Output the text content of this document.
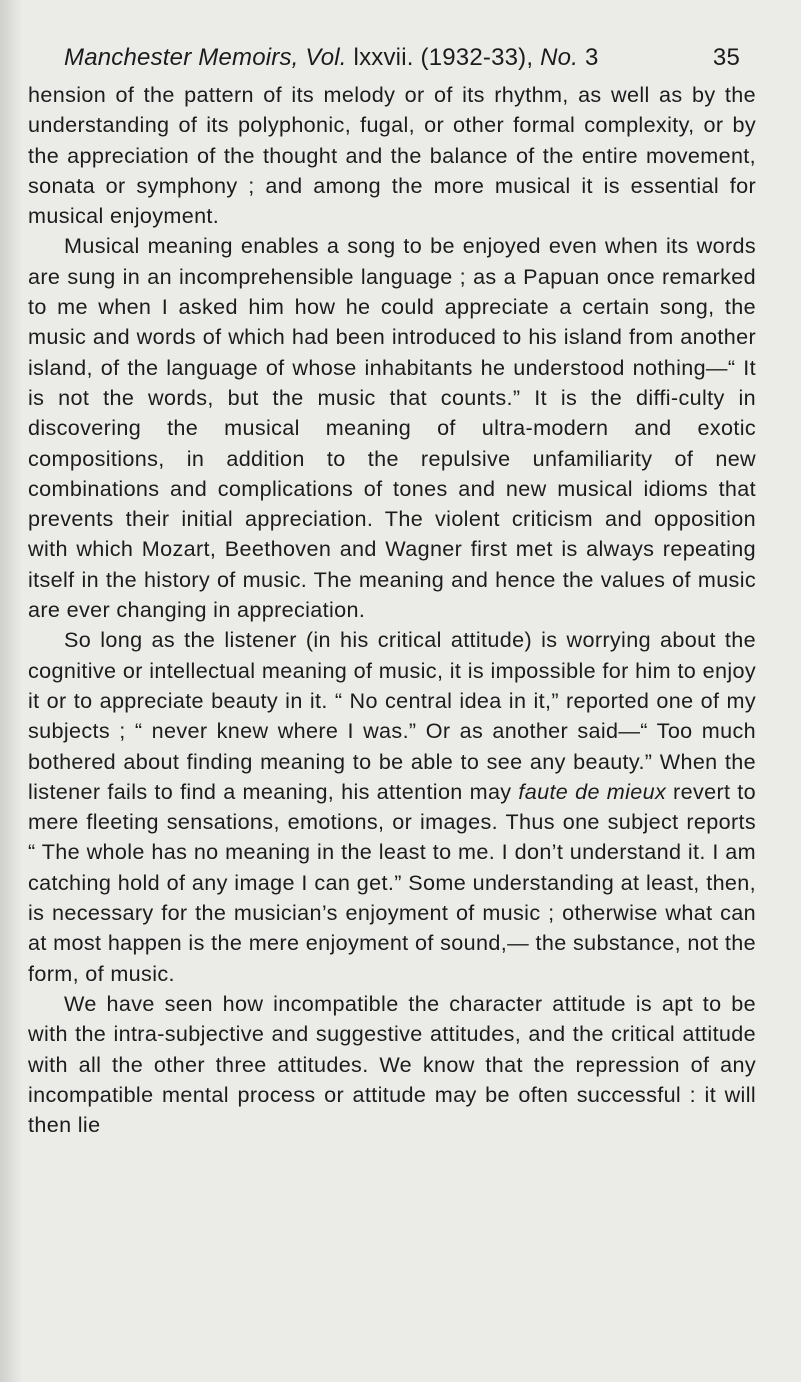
Manchester Memoirs, Vol. lxxvii. (1932-33), No. 3	35

hension of the pattern of its melody or of its rhythm, as well as by the understanding of its polyphonic, fugal, or other formal complexity, or by the appreciation of the thought and the balance of the entire movement, sonata or symphony ; and among the more musical it is essential for musical enjoyment.

Musical meaning enables a song to be enjoyed even when its words are sung in an incomprehensible language ; as a Papuan once remarked to me when I asked him how he could appreciate a certain song, the music and words of which had been introduced to his island from another island, of the language of whose inhabitants he understood nothing—“ It is not the words, but the music that counts.” It is the diffi-culty in discovering the musical meaning of ultra-modern and exotic compositions, in addition to the repulsive unfamiliarity of new combinations and complications of tones and new musical idioms that prevents their initial appreciation. The violent criticism and opposition with which Mozart, Beethoven and Wagner first met is always repeating itself in the history of music. The meaning and hence the values of music are ever changing in appreciation.

So long as the listener (in his critical attitude) is worrying about the cognitive or intellectual meaning of music, it is impossible for him to enjoy it or to appreciate beauty in it. “ No central idea in it,” reported one of my subjects ; “ never knew where I was.” Or as another said—“ Too much bothered about finding meaning to be able to see any beauty.” When the listener fails to find a meaning, his attention may faute de mieux revert to mere fleeting sensations, emotions, or images. Thus one subject reports “ The whole has no meaning in the least to me. I don’t understand it. I am catching hold of any image I can get.” Some understanding at least, then, is necessary for the musician’s enjoyment of music ; otherwise what can at most happen is the mere enjoyment of sound,— the substance, not the form, of music.

We have seen how incompatible the character attitude is apt to be with the intra-subjective and suggestive attitudes, and the critical attitude with all the other three attitudes. We know that the repression of any incompatible mental process or attitude may be often successful : it will then lie
